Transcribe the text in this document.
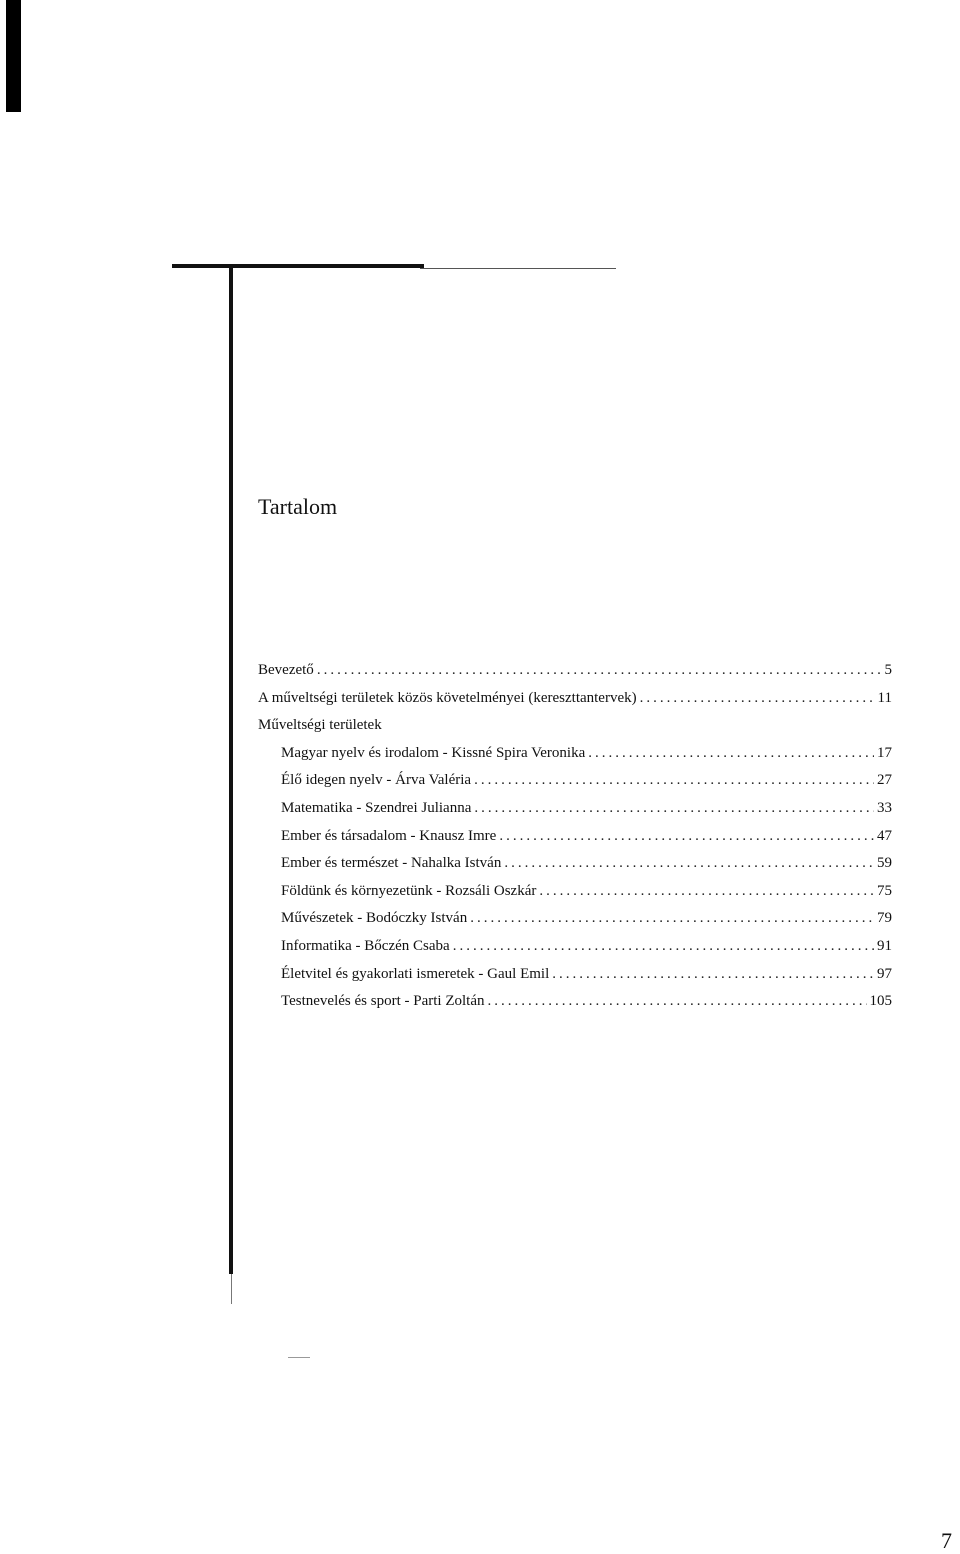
Tartalom
Bevezető .....	5
A műveltségi területek közös követelményei (kereszttantervek) .....	11
Műveltségi területek
Magyar nyelv és irodalom - Kissné Spira Veronika .....	17
Élő idegen nyelv - Árva Valéria .....	27
Matematika - Szendrei Julianna .....	33
Ember és társadalom - Knausz Imre .....	47
Ember és természet - Nahalka István .....	59
Földünk és környezetünk - Rozsáli Oszkár .....	75
Művészetek - Bodóczky István .....	79
Informatika - Bőczén Csaba .....	91
Életvitel és gyakorlati ismeretek - Gaul Emil .....	97
Testnevelés és sport - Parti Zoltán .....	105
7
